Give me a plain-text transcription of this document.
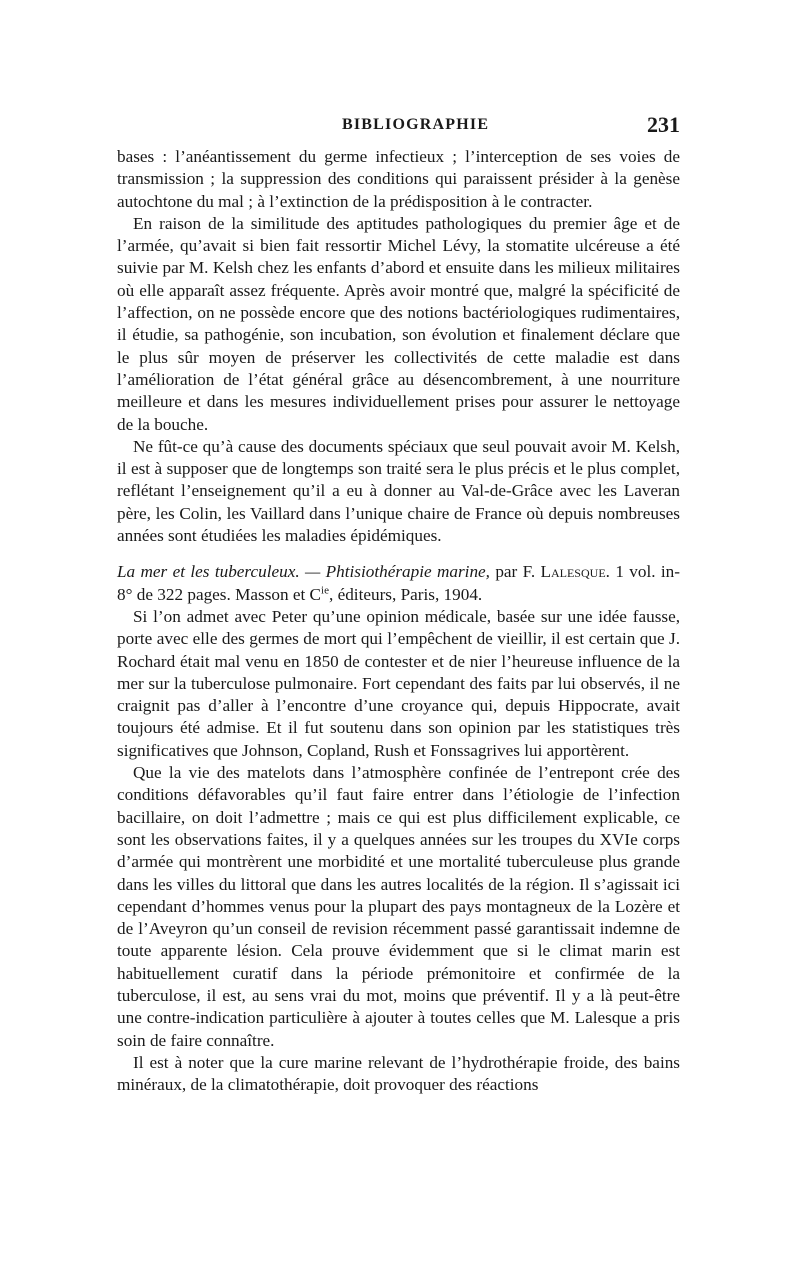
BIBLIOGRAPHIE	231

bases : l’anéantissement du germe infectieux ; l’interception de ses voies de transmission ; la suppression des conditions qui paraissent présider à la genèse autochtone du mal ; à l’extinction de la prédisposition à le contracter.

En raison de la similitude des aptitudes pathologiques du premier âge et de l’armée, qu’avait si bien fait ressortir Michel Lévy, la stomatite ulcéreuse a été suivie par M. Kelsh chez les enfants d’abord et ensuite dans les milieux militaires où elle apparaît assez fréquente. Après avoir montré que, malgré la spécificité de l’affection, on ne possède encore que des notions bactériologiques rudimentaires, il étudie, sa pathogénie, son incubation, son évolution et finalement déclare que le plus sûr moyen de préserver les collectivités de cette maladie est dans l’amélioration de l’état général grâce au désencombrement, à une nourriture meilleure et dans les mesures individuellement prises pour assurer le nettoyage de la bouche.

Ne fût-ce qu’à cause des documents spéciaux que seul pouvait avoir M. Kelsh, il est à supposer que de longtemps son traité sera le plus précis et le plus complet, reflétant l’enseignement qu’il a eu à donner au Val-de-Grâce avec les Laveran père, les Colin, les Vaillard dans l’unique chaire de France où depuis nombreuses années sont étudiées les maladies épidémiques.

La mer et les tuberculeux. — Phtisiothérapie marine, par F. Lalesque. 1 vol. in-8° de 322 pages. Masson et $C^{ie}$, éditeurs, Paris, 1904.

Si l’on admet avec Peter qu’une opinion médicale, basée sur une idée fausse, porte avec elle des germes de mort qui l’empêchent de vieillir, il est certain que J. Rochard était mal venu en 1850 de contester et de nier l’heureuse influence de la mer sur la tuberculose pulmonaire. Fort cependant des faits par lui observés, il ne craignit pas d’aller à l’encontre d’une croyance qui, depuis Hippocrate, avait toujours été admise. Et il fut soutenu dans son opinion par les statistiques très significatives que Johnson, Copland, Rush et Fonssagrives lui apportèrent.

Que la vie des matelots dans l’atmosphère confinée de l’entrepont crée des conditions défavorables qu’il faut faire entrer dans l’étiologie de l’infection bacillaire, on doit l’admettre ; mais ce qui est plus difficilement explicable, ce sont les observations faites, il y a quelques années sur les troupes du XVIe corps d’armée qui montrèrent une morbidité et une mortalité tuberculeuse plus grande dans les villes du littoral que dans les autres localités de la région. Il s’agissait ici cependant d’hommes venus pour la plupart des pays montagneux de la Lozère et de l’Aveyron qu’un conseil de revision récemment passé garantissait indemne de toute apparente lésion. Cela prouve évidemment que si le climat marin est habituellement curatif dans la période prémonitoire et confirmée de la tuberculose, il est, au sens vrai du mot, moins que préventif. Il y a là peut-être une contre-indication particulière à ajouter à toutes celles que M. Lalesque a pris soin de faire connaître.

Il est à noter que la cure marine relevant de l’hydrothérapie froide, des bains minéraux, de la climatothérapie, doit provoquer des réactions
